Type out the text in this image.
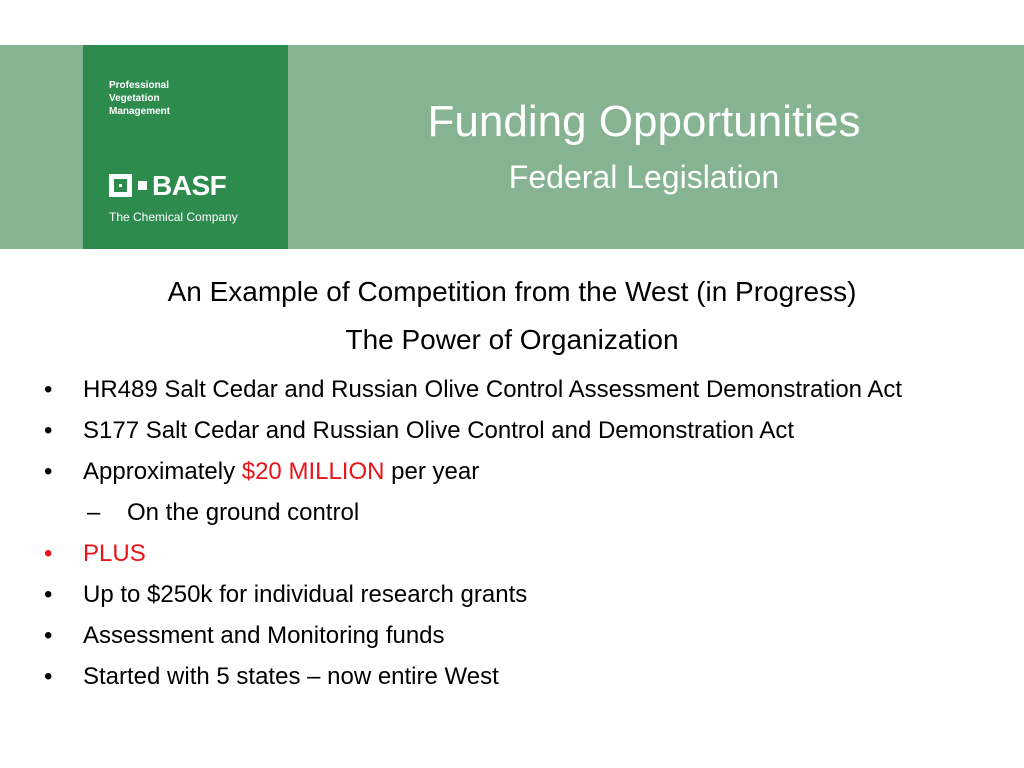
Professional
Vegetation
Management
BASF
The Chemical Company
Funding Opportunities
Federal Legislation
An Example of Competition from the West (in Progress)
The Power of Organization
• HR489 Salt Cedar and Russian Olive Control Assessment Demonstration Act
• S177 Salt Cedar and Russian Olive Control and Demonstration Act
• Approximately $20 MILLION per year
– On the ground control
• PLUS
• Up to $250k for individual research grants
• Assessment and Monitoring funds
• Started with 5 states – now entire West
